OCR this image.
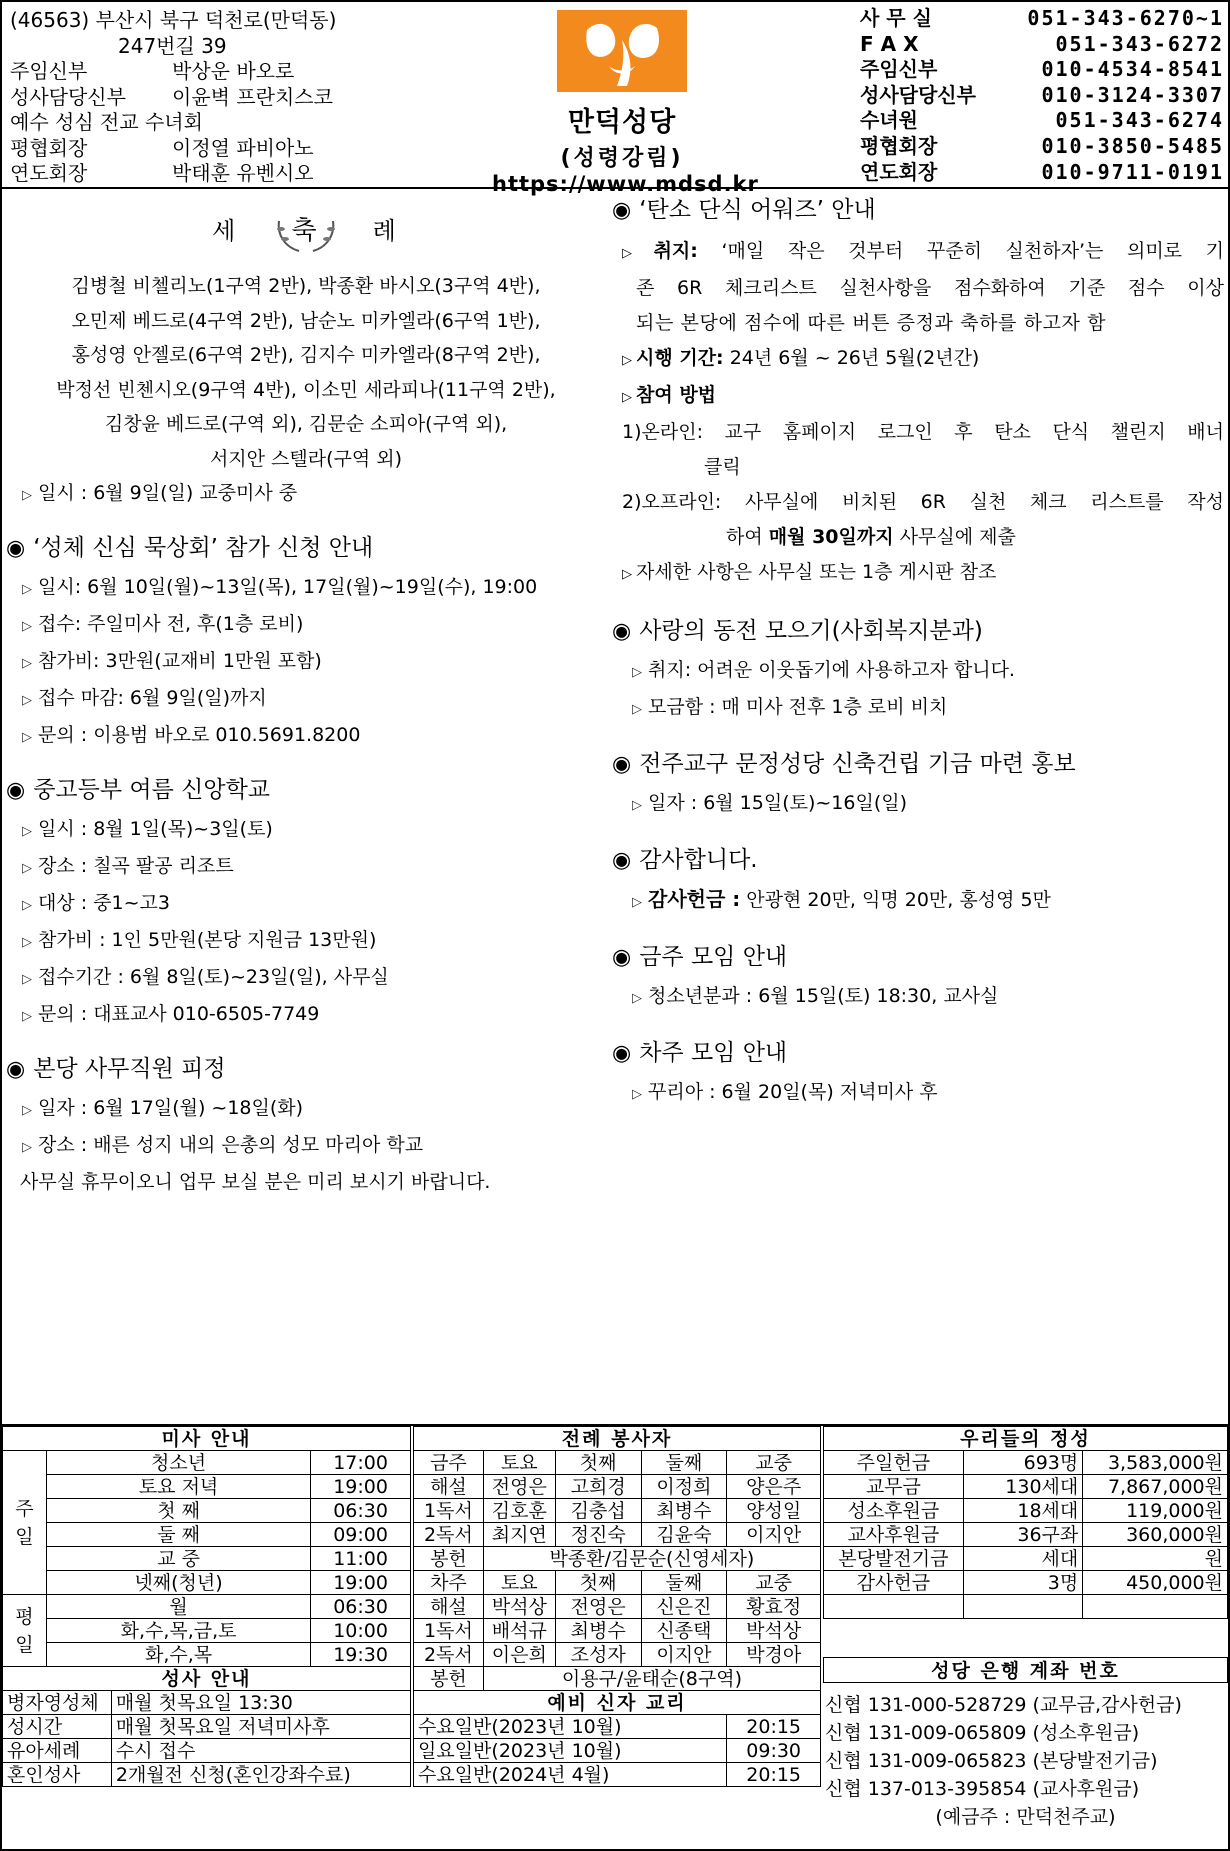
(46563) 부산시 북구 덕천로(만덕동)
247번길 39
주임신부	박상운 바오로
성사담당신부	이윤벽 프란치스코
예수 성심 전교 수녀회
평협회장	이정열 파비아노
연도회장	박태훈 유벤시오
만덕성당
(성령강림)
https://www.mdsd.kr
사 무 실	051-343-6270~1
F A X	051-343-6272
주임신부	010-4534-8541
성사담당신부	010-3124-3307
수녀원	051-343-6274
평협회장	010-3850-5485
연도회장	010-9711-0191
세 축 례
김병철 비첼리노(1구역 2반), 박종환 바시오(3구역 4반),
오민제 베드로(4구역 2반), 남순노 미카엘라(6구역 1반),
홍성영 안젤로(6구역 2반), 김지수 미카엘라(8구역 2반),
박정선 빈첸시오(9구역 4반), 이소민 세라피나(11구역 2반),
김창윤 베드로(구역 외), 김문순 소피아(구역 외),
서지안 스텔라(구역 외)
▷ 일시 : 6월 9일(일) 교중미사 중
◉ ‘성체 신심 묵상회’ 참가 신청 안내
▷ 일시: 6월 10일(월)~13일(목), 17일(월)~19일(수), 19:00
▷ 접수: 주일미사 전, 후(1층 로비)
▷ 참가비: 3만원(교재비 1만원 포함)
▷ 접수 마감: 6월 9일(일)까지
▷ 문의 : 이용범 바오로 010.5691.8200
◉ 중고등부 여름 신앙학교
▷ 일시 : 8월 1일(목)~3일(토)
▷ 장소 : 칠곡 팔공 리조트
▷ 대상 : 중1~고3
▷ 참가비 : 1인 5만원(본당 지원금 13만원)
▷ 접수기간 : 6월 8일(토)~23일(일), 사무실
▷ 문의 : 대표교사 010-6505-7749
◉ 본당 사무직원 피정
▷ 일자 : 6월 17일(월) ~18일(화)
▷ 장소 : 배른 성지 내의 은총의 성모 마리아 학교
사무실 휴무이오니 업무 보실 분은 미리 보시기 바랍니다.
◉ ‘탄소 단식 어워즈’ 안내
▷ 취지: ‘매일 작은 것부터 꾸준히 실천하자’는 의미로 기
존 6R 체크리스트 실천사항을 점수화하여 기준 점수 이상
되는 본당에 점수에 따른 버튼 증정과 축하를 하고자 함
▷ 시행 기간: 24년 6월 ~ 26년 5월(2년간)
▷ 참여 방법
1)온라인: 교구 홈페이지 로그인 후 탄소 단식 챌린지 배너
클릭
2)오프라인: 사무실에 비치된 6R 실천 체크 리스트를 작성
하여 매월 30일까지 사무실에 제출
▷ 자세한 사항은 사무실 또는 1층 게시판 참조
◉ 사랑의 동전 모으기(사회복지분과)
▷ 취지: 어려운 이웃돕기에 사용하고자 합니다.
▷ 모금함 : 매 미사 전후 1층 로비 비치
◉ 전주교구 문정성당 신축건립 기금 마련 홍보
▷ 일자 : 6월 15일(토)~16일(일)
◉ 감사합니다.
▷ 감사헌금 : 안광현 20만, 익명 20만, 홍성영 5만
◉ 금주 모임 안내
▷ 청소년분과 : 6월 15일(토) 18:30, 교사실
◉ 차주 모임 안내
▷ 꾸리아 : 6월 20일(목) 저녁미사 후
미사 안내			
주
일	청소년		17:00
	토요 저녁		19:00
	첫 째		06:30
	둘 째		09:00
	교 중		11:00
	넷째(청년)		19:00
평
일	월		06:30
	화,수,목,금,토		10:00
	화,수,목		19:30
성사 안내			
병자영성체		매월 첫목요일 13:30	
성시간		매월 첫목요일 저녁미사후	
유아세례		수시 접수	
혼인성사		2개월전 신청(혼인강좌수료)	
전례 봉사자				
금주	토요	첫째	둘째	교중
해설	전영은	고희경	이정희	양은주
1독서	김호훈	김충섭	최병수	양성일
2독서	최지연	정진숙	김윤숙	이지안
봉헌	박종환/김문순(신영세자)			
차주	토요	첫째	둘째	교중
해설	박석상	전영은	신은진	황효정
1독서	배석규	최병수	신종택	박석상
2독서	이은희	조성자	이지안	박경아
봉헌	이용구/윤태순(8구역)			
예비 신자 교리				
수요일반(2023년 10월)				20:15
일요일반(2023년 10월)				09:30
수요일반(2024년 4월)				20:15
우리들의 정성		
주일헌금	693명	3,583,000원
교무금	130세대	7,867,000원
성소후원금	18세대	119,000원
교사후원금	36구좌	360,000원
본당발전기금	세대	원
감사헌금	3명	450,000원

성당 은행 계좌 번호
신협 131-000-528729 (교무금,감사헌금)
신협 131-009-065809 (성소후원금)
신협 131-009-065823 (본당발전기금)
신협 137-013-395854 (교사후원금)
(예금주 : 만덕천주교)
